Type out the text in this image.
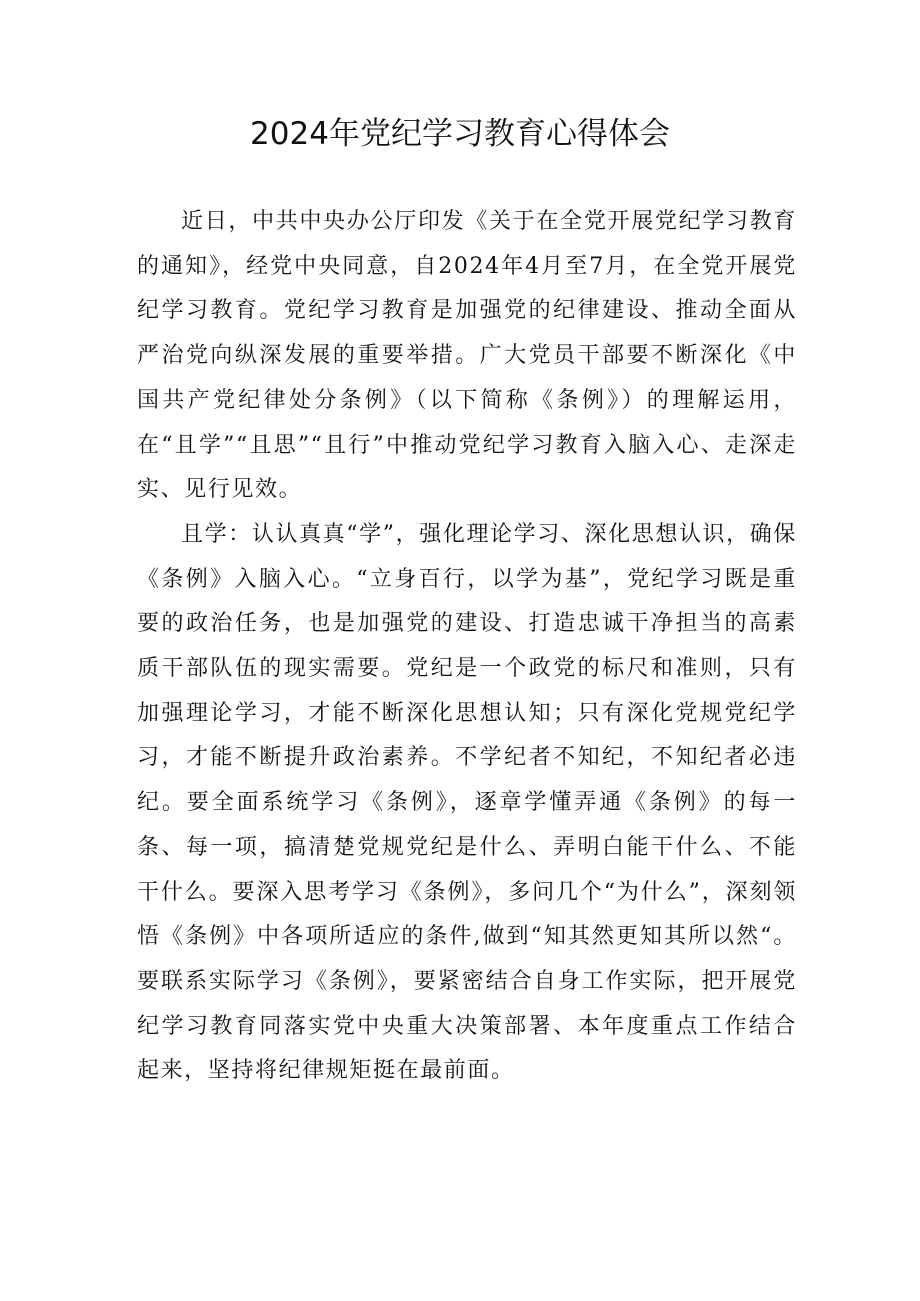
2024年党纪学习教育心得体会

近日，中共中央办公厅印发《关于在全党开展党纪学习教育的通知》，经党中央同意，自2024年4月至7月，在全党开展党纪学习教育。党纪学习教育是加强党的纪律建设、推动全面从严治党向纵深发展的重要举措。广大党员干部要不断深化《中国共产党纪律处分条例》（以下简称《条例》）的理解运用，在“且学”“且思”“且行”中推动党纪学习教育入脑入心、走深走实、见行见效。

且学：认认真真“学”，强化理论学习、深化思想认识，确保《条例》入脑入心。“立身百行，以学为基”，党纪学习既是重要的政治任务，也是加强党的建设、打造忠诚干净担当的高素质干部队伍的现实需要。党纪是一个政党的标尺和准则，只有加强理论学习，才能不断深化思想认知；只有深化党规党纪学习，才能不断提升政治素养。不学纪者不知纪，不知纪者必违纪。要全面系统学习《条例》，逐章学懂弄通《条例》的每一条、每一项，搞清楚党规党纪是什么、弄明白能干什么、不能干什么。要深入思考学习《条例》，多问几个“为什么”，深刻领悟《条例》中各项所适应的条件,做到“知其然更知其所以然“。要联系实际学习《条例》，要紧密结合自身工作实际，把开展党纪学习教育同落实党中央重大决策部署、本年度重点工作结合起来，坚持将纪律规矩挺在最前面。
